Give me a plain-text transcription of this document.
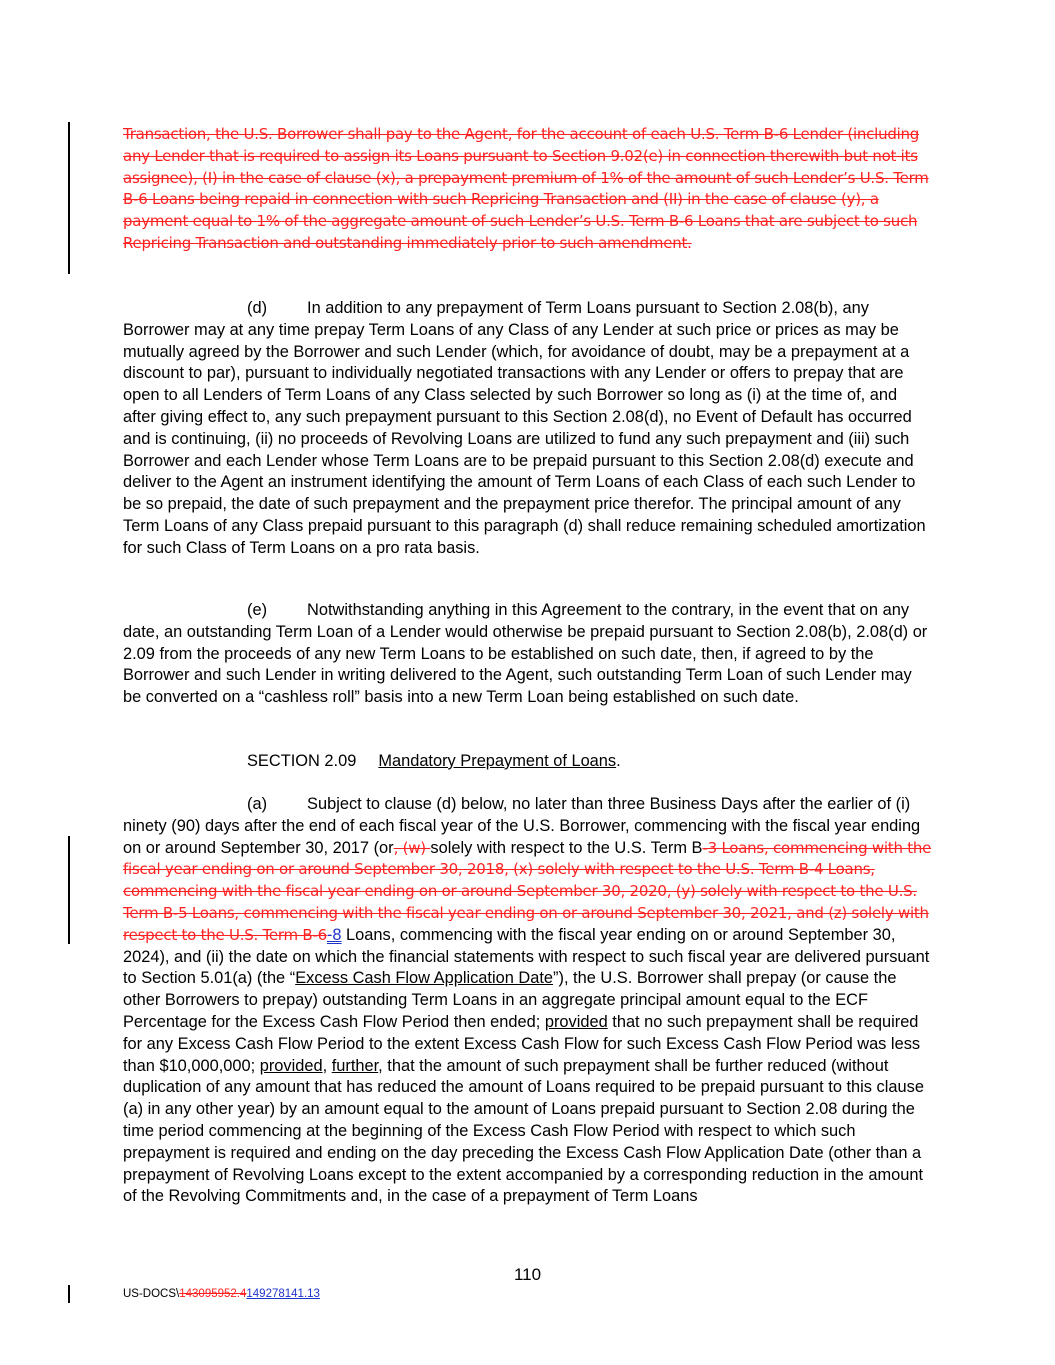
Transaction, the U.S. Borrower shall pay to the Agent, for the account of each U.S. Term B-6 Lender (including any Lender that is required to assign its Loans pursuant to Section 9.02(e) in connection therewith but not its assignee), (I) in the case of clause (x), a prepayment premium of 1% of the amount of such Lender’s U.S. Term B-6 Loans being repaid in connection with such Repricing Transaction and (II) in the case of clause (y), a payment equal to 1% of the aggregate amount of such Lender’s U.S. Term B-6 Loans that are subject to such Repricing Transaction and outstanding immediately prior to such amendment.
(d) In addition to any prepayment of Term Loans pursuant to Section 2.08(b), any Borrower may at any time prepay Term Loans of any Class of any Lender at such price or prices as may be mutually agreed by the Borrower and such Lender (which, for avoidance of doubt, may be a prepayment at a discount to par), pursuant to individually negotiated transactions with any Lender or offers to prepay that are open to all Lenders of Term Loans of any Class selected by such Borrower so long as (i) at the time of, and after giving effect to, any such prepayment pursuant to this Section 2.08(d), no Event of Default has occurred and is continuing, (ii) no proceeds of Revolving Loans are utilized to fund any such prepayment and (iii) such Borrower and each Lender whose Term Loans are to be prepaid pursuant to this Section 2.08(d) execute and deliver to the Agent an instrument identifying the amount of Term Loans of each Class of each such Lender to be so prepaid, the date of such prepayment and the prepayment price therefor. The principal amount of any Term Loans of any Class prepaid pursuant to this paragraph (d) shall reduce remaining scheduled amortization for such Class of Term Loans on a pro rata basis.
(e) Notwithstanding anything in this Agreement to the contrary, in the event that on any date, an outstanding Term Loan of a Lender would otherwise be prepaid pursuant to Section 2.08(b), 2.08(d) or 2.09 from the proceeds of any new Term Loans to be established on such date, then, if agreed to by the Borrower and such Lender in writing delivered to the Agent, such outstanding Term Loan of such Lender may be converted on a “cashless roll” basis into a new Term Loan being established on such date.
SECTION 2.09 Mandatory Prepayment of Loans.
(a) Subject to clause (d) below, no later than three Business Days after the earlier of (i) ninety (90) days after the end of each fiscal year of the U.S. Borrower, commencing with the fiscal year ending on or around September 30, 2017 (or, (w) solely with respect to the U.S. Term B-3 Loans, commencing with the fiscal year ending on or around September 30, 2018, (x) solely with respect to the U.S. Term B-4 Loans, commencing with the fiscal year ending on or around September 30, 2020, (y) solely with respect to the U.S. Term B-5 Loans, commencing with the fiscal year ending on or around September 30, 2021, and (z) solely with respect to the U.S. Term B-6-8 Loans, commencing with the fiscal year ending on or around September 30, 2024), and (ii) the date on which the financial statements with respect to such fiscal year are delivered pursuant to Section 5.01(a) (the “Excess Cash Flow Application Date”), the U.S. Borrower shall prepay (or cause the other Borrowers to prepay) outstanding Term Loans in an aggregate principal amount equal to the ECF Percentage for the Excess Cash Flow Period then ended; provided that no such prepayment shall be required for any Excess Cash Flow Period to the extent Excess Cash Flow for such Excess Cash Flow Period was less than $10,000,000; provided, further, that the amount of such prepayment shall be further reduced (without duplication of any amount that has reduced the amount of Loans required to be prepaid pursuant to this clause (a) in any other year) by an amount equal to the amount of Loans prepaid pursuant to Section 2.08 during the time period commencing at the beginning of the Excess Cash Flow Period with respect to which such prepayment is required and ending on the day preceding the Excess Cash Flow Application Date (other than a prepayment of Revolving Loans except to the extent accompanied by a corresponding reduction in the amount of the Revolving Commitments and, in the case of a prepayment of Term Loans
110
US-DOCS\143095952.4149278141.13
